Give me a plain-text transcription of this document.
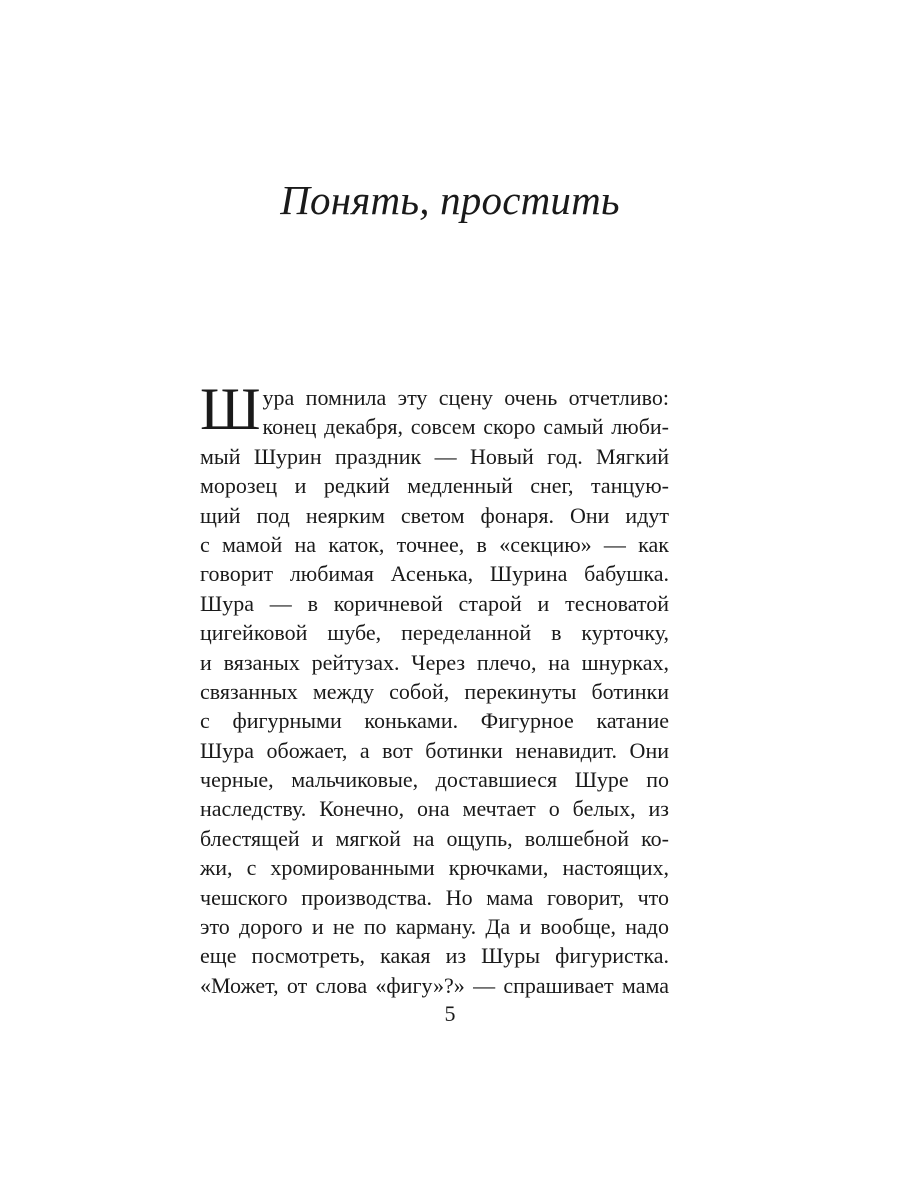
Понять, простить
Ш ура помнила эту сцену очень отчетливо:
конец декабря, совсем скоро самый люби-
мый Шурин праздник — Новый год. Мягкий
морозец и редкий медленный снег, танцую-
щий под неярким светом фонаря. Они идут
с мамой на каток, точнее, в «секцию» — как
говорит любимая Асенька, Шурина бабушка.
Шура — в коричневой старой и тесноватой
цигейковой шубе, переделанной в курточку,
и вязаных рейтузах. Через плечо, на шнурках,
связанных между собой, перекинуты ботинки
с фигурными коньками. Фигурное катание
Шура обожает, а вот ботинки ненавидит. Они
черные, мальчиковые, доставшиеся Шуре по
наследству. Конечно, она мечтает о белых, из
блестящей и мягкой на ощупь, волшебной ко-
жи, с хромированными крючками, настоящих,
чешского производства. Но мама говорит, что
это дорого и не по карману. Да и вообще, надо
еще посмотреть, какая из Шуры фигуристка.
«Может, от слова «фигу»?» — спрашивает мама
5
